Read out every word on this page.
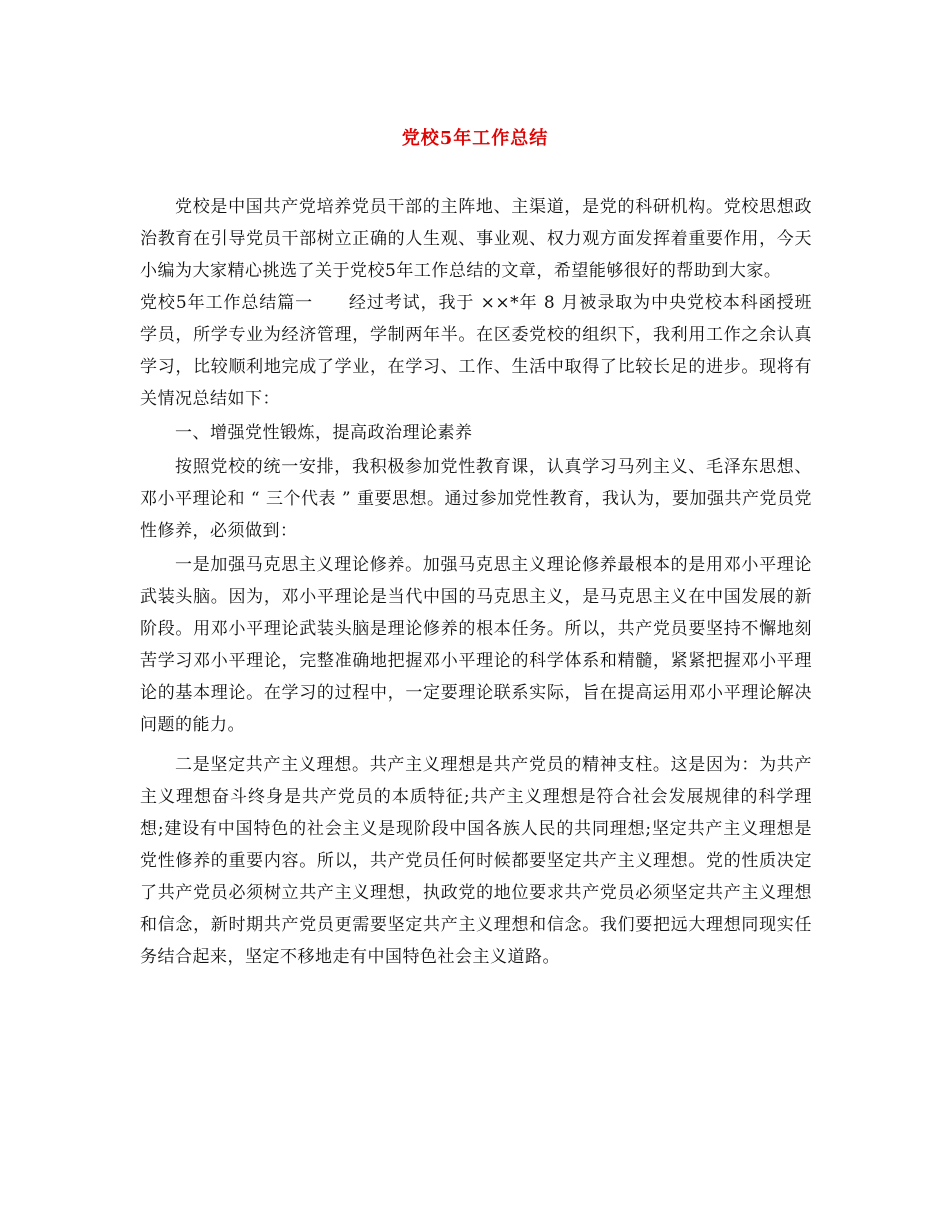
党校5年工作总结

党校是中国共产党培养党员干部的主阵地、主渠道，是党的科研机构。党校思想政治教育在引导党员干部树立正确的人生观、事业观、权力观方面发挥着重要作用，今天小编为大家精心挑选了关于党校5年工作总结的文章，希望能够很好的帮助到大家。

党校5年工作总结篇一　　经过考试，我于 ××*年 8 月被录取为中央党校本科函授班学员，所学专业为经济管理，学制两年半。在区委党校的组织下，我利用工作之余认真学习，比较顺利地完成了学业，在学习、工作、生活中取得了比较长足的进步。现将有关情况总结如下：

一、增强党性锻炼，提高政治理论素养

按照党校的统一安排，我积极参加党性教育课，认真学习马列主义、毛泽东思想、邓小平理论和 “ 三个代表 ” 重要思想。通过参加党性教育，我认为，要加强共产党员党性修养，必须做到：

一是加强马克思主义理论修养。加强马克思主义理论修养最根本的是用邓小平理论武装头脑。因为，邓小平理论是当代中国的马克思主义，是马克思主义在中国发展的新阶段。用邓小平理论武装头脑是理论修养的根本任务。所以，共产党员要坚持不懈地刻苦学习邓小平理论，完整准确地把握邓小平理论的科学体系和精髓，紧紧把握邓小平理论的基本理论。在学习的过程中，一定要理论联系实际，旨在提高运用邓小平理论解决问题的能力。

二是坚定共产主义理想。共产主义理想是共产党员的精神支柱。这是因为：为共产主义理想奋斗终身是共产党员的本质特征;共产主义理想是符合社会发展规律的科学理想;建设有中国特色的社会主义是现阶段中国各族人民的共同理想;坚定共产主义理想是党性修养的重要内容。所以，共产党员任何时候都要坚定共产主义理想。党的性质决定了共产党员必须树立共产主义理想，执政党的地位要求共产党员必须坚定共产主义理想和信念，新时期共产党员更需要坚定共产主义理想和信念。我们要把远大理想同现实任务结合起来，坚定不移地走有中国特色社会主义道路。
